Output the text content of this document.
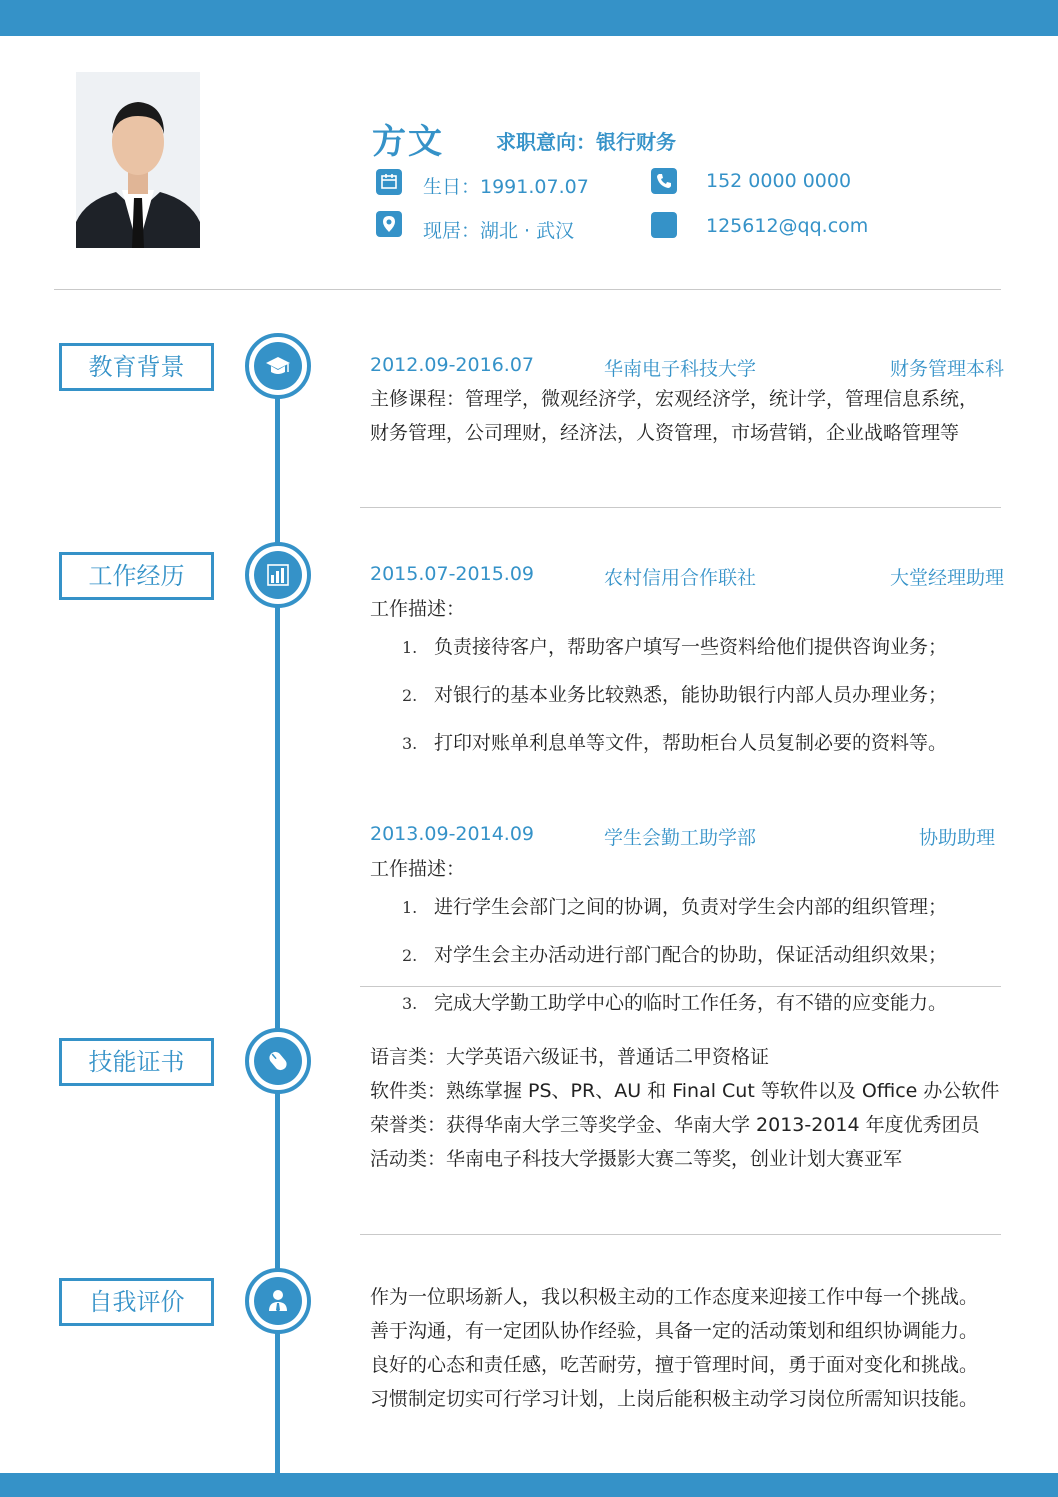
方文	求职意向：银行财务
生日：1991.07.07	152 0000 0000
现居：湖北 · 武汉	125612@qq.com
教育背景	2012.09-2016.07	华南电子科技大学	财务管理本科
主修课程：管理学，微观经济学，宏观经济学，统计学，管理信息系统，
财务管理，公司理财，经济法，人资管理，市场营销，企业战略管理等
工作经历	2015.07-2015.09	农村信用合作联社	大堂经理助理
工作描述：
1. 负责接待客户，帮助客户填写一些资料给他们提供咨询业务；
2. 对银行的基本业务比较熟悉，能协助银行内部人员办理业务；
3. 打印对账单利息单等文件，帮助柜台人员复制必要的资料等。
2013.09-2014.09	学生会勤工助学部	协助助理
工作描述：
1. 进行学生会部门之间的协调，负责对学生会内部的组织管理；
2. 对学生会主办活动进行部门配合的协助，保证活动组织效果；
3. 完成大学勤工助学中心的临时工作任务，有不错的应变能力。
技能证书	语言类：大学英语六级证书，普通话二甲资格证
软件类：熟练掌握 PS、PR、AU 和 Final Cut 等软件以及 Office 办公软件
荣誉类：获得华南大学三等奖学金、华南大学 2013-2014 年度优秀团员
活动类：华南电子科技大学摄影大赛二等奖，创业计划大赛亚军
自我评价	作为一位职场新人，我以积极主动的工作态度来迎接工作中每一个挑战。
善于沟通，有一定团队协作经验，具备一定的活动策划和组织协调能力。
良好的心态和责任感，吃苦耐劳，擅于管理时间，勇于面对变化和挑战。
习惯制定切实可行学习计划，上岗后能积极主动学习岗位所需知识技能。
